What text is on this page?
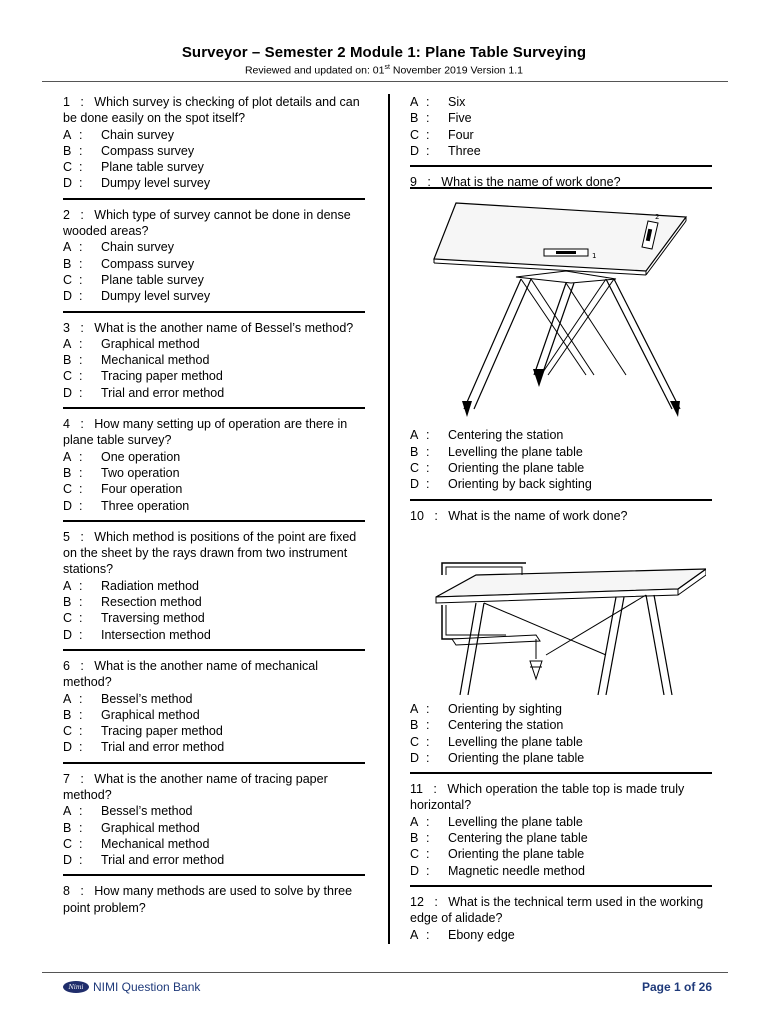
Surveyor – Semester 2 Module 1: Plane Table Surveying
Reviewed and updated on: 01st November 2019 Version 1.1
1 : Which survey is checking of plot details and can be done easily on the spot itself?
A :	Chain survey
B :	Compass survey
C :	Plane table survey
D :	Dumpy level survey
2 : Which type of survey cannot be done in dense wooded areas?
A :	Chain survey
B :	Compass survey
C :	Plane table survey
D :	Dumpy level survey
3 : What is the another name of Bessel’s method?
A :	Graphical method
B :	Mechanical method
C :	Tracing paper method
D :	Trial and error method
4 : How many setting up of operation are there in plane table survey?
A :	One operation
B :	Two operation
C :	Four operation
D :	Three operation
5 : Which method is positions of the point are fixed on the sheet by the rays drawn from two instrument stations?
A :	Radiation method
B :	Resection method
C :	Traversing method
D :	Intersection method
6 : What is the another name of mechanical method?
A :	Bessel’s method
B :	Graphical method
C :	Tracing paper method
D :	Trial and error method
7 : What is the another name of tracing paper method?
A :	Bessel’s method
B :	Graphical method
C :	Mechanical method
D :	Trial and error method
8 : How many methods are used to solve by three point problem?
A :	Six
B :	Five
C :	Four
D :	Three
9 : What is the name of work done?
1
2
A :	Centering the station
B :	Levelling the plane table
C :	Orienting the plane table
D :	Orienting by back sighting
10 : What is the name of work done?
A :	Orienting by sighting
B :	Centering the station
C :	Levelling the plane table
D :	Orienting the plane table
11 : Which operation the table top is made truly horizontal?
A :	Levelling the plane table
B :	Centering the plane table
C :	Orienting the plane table
D :	Magnetic needle method
12 : What is the technical term used in the working edge of alidade?
A :	Ebony edge
Nimi NIMI Question Bank	Page 1 of 26
